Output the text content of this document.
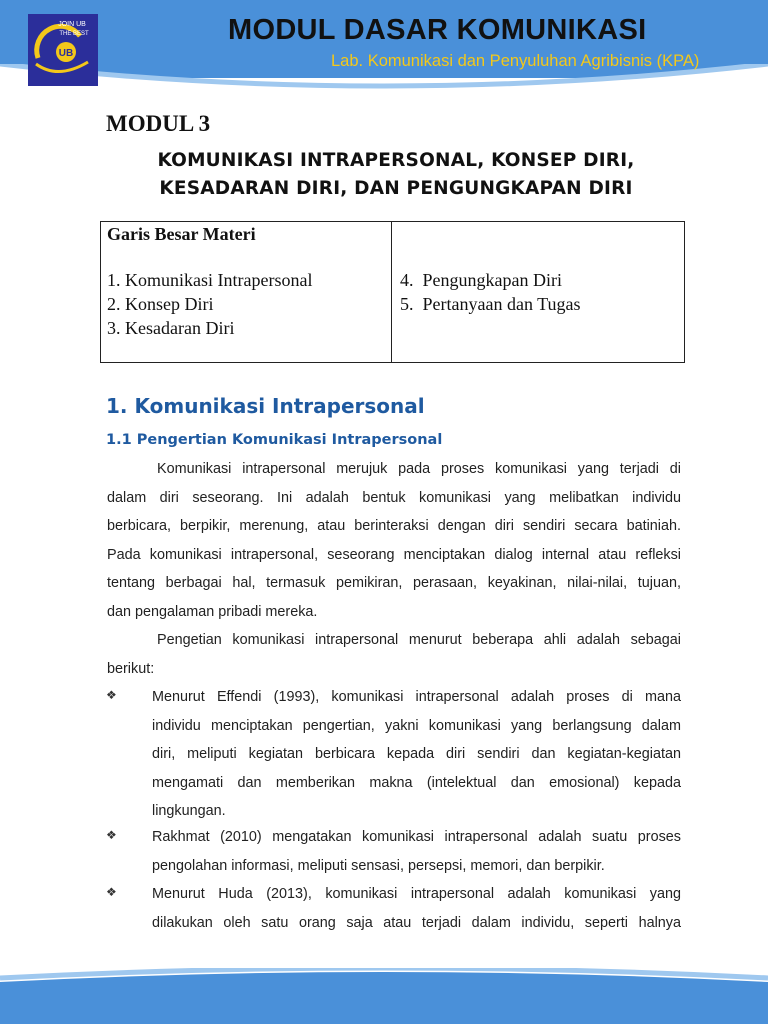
UB
JOIN UB
THE BEST	MODUL DASAR KOMUNIKASI
Lab. Komunikasi dan Penyuluhan Agribisnis (KPA)
MODUL 3
KOMUNIKASI INTRAPERSONAL, KONSEP DIRI,
KESADARAN DIRI, DAN PENGUNGKAPAN DIRI
Garis Besar Materi
1. Komunikasi Intrapersonal
2. Konsep Diri
3. Kesadaran Diri
4.  Pengungkapan Diri
5.  Pertanyaan dan Tugas
1. Komunikasi Intrapersonal
1.1 Pengertian Komunikasi Intrapersonal
Komunikasi intrapersonal merujuk pada proses komunikasi yang terjadi di
dalam diri seseorang. Ini adalah bentuk komunikasi yang melibatkan individu
berbicara, berpikir, merenung, atau berinteraksi dengan diri sendiri secara batiniah.
Pada komunikasi intrapersonal, seseorang menciptakan dialog internal atau refleksi
tentang berbagai hal, termasuk pemikiran, perasaan, keyakinan, nilai-nilai, tujuan,
dan pengalaman pribadi mereka.
Pengetian komunikasi intrapersonal menurut beberapa ahli adalah sebagai
berikut:
❖ Menurut Effendi (1993), komunikasi intrapersonal adalah proses di mana
individu menciptakan pengertian, yakni komunikasi yang berlangsung dalam
diri, meliputi kegiatan berbicara kepada diri sendiri dan kegiatan-kegiatan
mengamati dan memberikan makna (intelektual dan emosional) kepada
lingkungan.
❖ Rakhmat (2010) mengatakan komunikasi intrapersonal adalah suatu proses
pengolahan informasi, meliputi sensasi, persepsi, memori, dan berpikir.
❖ Menurut Huda (2013), komunikasi intrapersonal adalah komunikasi yang
dilakukan oleh satu orang saja atau terjadi dalam individu, seperti halnya
